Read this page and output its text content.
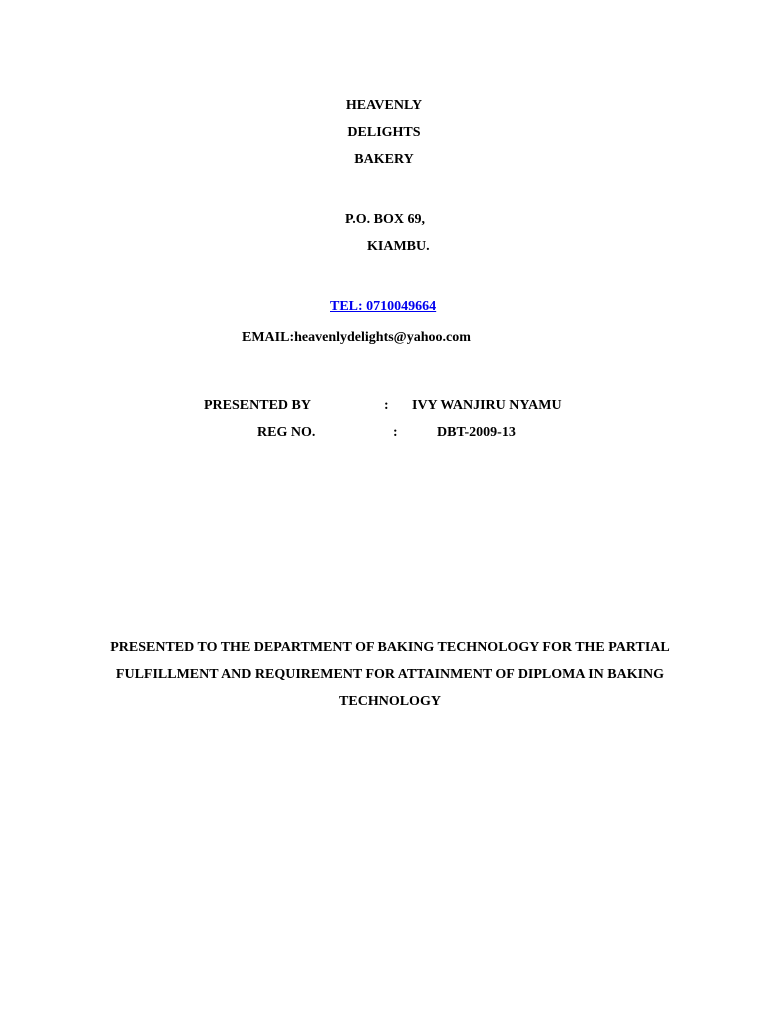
HEAVENLY
DELIGHTS
BAKERY
P.O. BOX 69,
KIAMBU.
TEL: 0710049664
EMAIL:heavenlydelights@yahoo.com
PRESENTED BY	: IVY WANJIRU NYAMU
REG NO.	:	DBT-2009-13
PRESENTED TO THE DEPARTMENT OF BAKING TECHNOLOGY FOR THE PARTIAL
FULFILLMENT AND REQUIREMENT FOR ATTAINMENT OF DIPLOMA IN BAKING
TECHNOLOGY
